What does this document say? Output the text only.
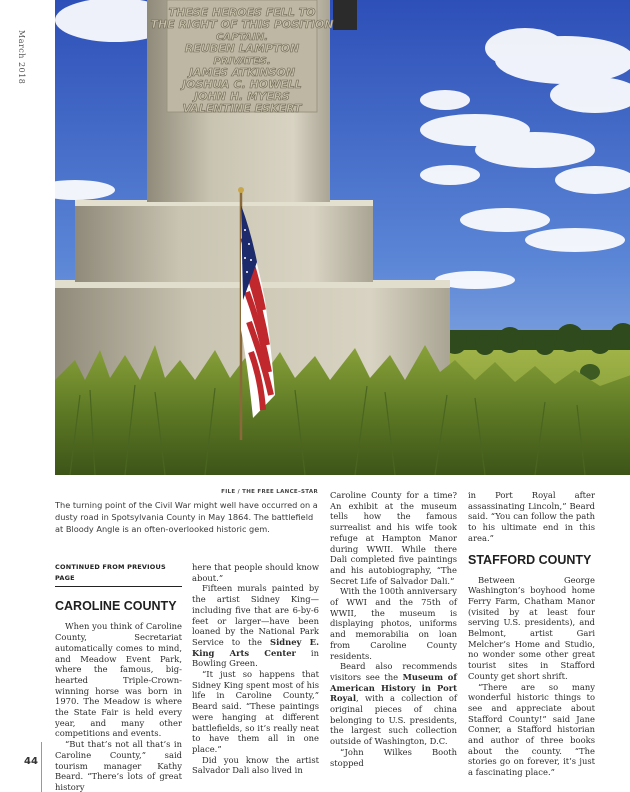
March 2018
44
THESE HEROES FELL TO
THE RIGHT OF THIS POSITION
CAPTAIN.
REUBEN LAMPTON
PRIVATES.
JAMES ATKINSON
JOSHUA C. HOWELL
JOHN H. MYERS
VALENTINE ESKERT
FILE / THE FREE LANCE–STAR
The turning point of the Civil War might well have occurred on a dusty road in Spotsylvania County in May 1864. The battlefield at Bloody Angle is an often-overlooked historic gem.
CONTINUED FROM PREVIOUS PAGE
CAROLINE COUNTY

When you think of Caroline County, Secretariat automatically comes to mind, and Meadow Event Park, where the famous, big-hearted Triple-Crown-winning horse was born in 1970. The Meadow is where the State Fair is held every year, and many other competitions and events.

“But that’s not all that’s in Caroline County,” said tourism manager Kathy Beard. “There’s lots of great history

here that people should know about.”

Fifteen murals painted by the artist Sidney King—including five that are 6-by-6 feet or larger—have been loaned by the National Park Service to the Sidney E. King Arts Center in Bowling Green.

“It just so happens that Sidney King spent most of his life in Caroline County,” Beard said. “These paintings were hanging at different battlefields, so it’s really neat to have them all in one place.”

Did you know the artist Salvador Dali also lived in

Caroline County for a time? An exhibit at the museum tells how the famous surrealist and his wife took refuge at Hampton Manor during WWII. While there Dali completed five paintings and his autobiography, “The Secret Life of Salvador Dali.”

With the 100th anniversary of WWI and the 75th of WWII, the museum is displaying photos, uniforms and memorabilia on loan from Caroline County residents.

Beard also recommends visitors see the Museum of American History in Port Royal, with a collection of original pieces of china belonging to U.S. presidents, the largest such collection outside of Washington, D.C.

“John Wilkes Booth stopped

in Port Royal after assassinating Lincoln,” Beard said. “You can follow the path to his ultimate end in this area.”

STAFFORD COUNTY

Between George Washington’s boyhood home Ferry Farm, Chatham Manor (visited by at least four serving U.S. presidents), and Belmont, artist Gari Melcher’s Home and Studio, no wonder some other great tourist sites in Stafford County get short shrift.

“There are so many wonderful historic things to see and appreciate about Stafford County!” said Jane Conner, a Stafford historian and author of three books about the county. “The stories go on forever, it’s just a fascinating place.”
